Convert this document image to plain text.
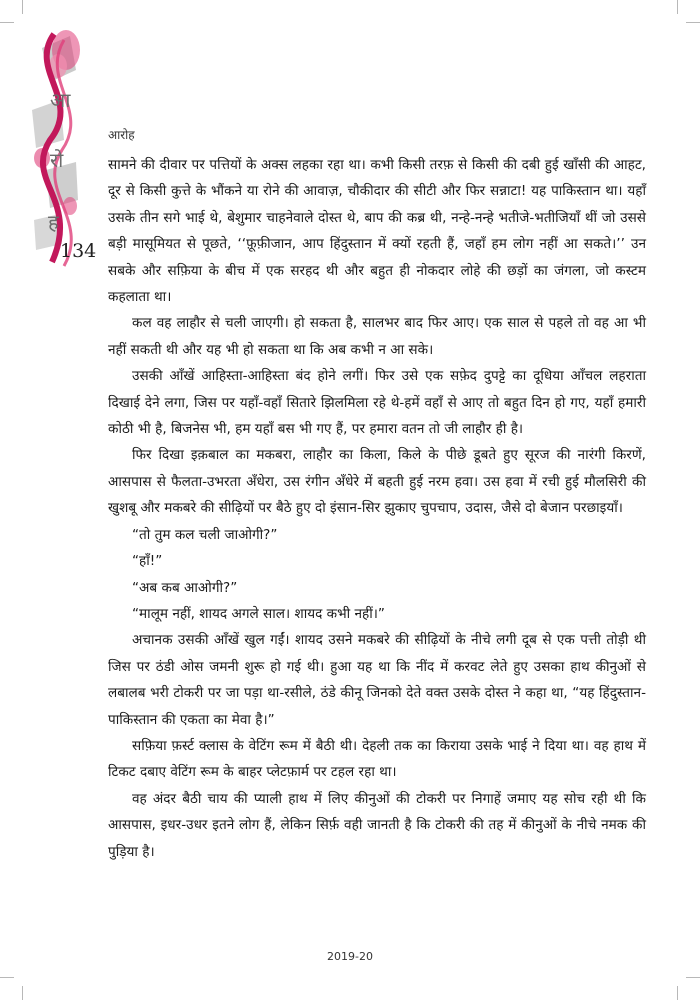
आ
रो
ह
134
आरोह

सामने की दीवार पर पत्तियों के अक्स लहका रहा था। कभी किसी तरफ़ से किसी की दबी हुई खाँसी की आहट, दूर से किसी कुत्ते के भौंकने या रोने की आवाज़, चौकीदार की सीटी और फिर सन्नाटा! यह पाकिस्तान था। यहाँ उसके तीन सगे भाई थे, बेशुमार चाहनेवाले दोस्त थे, बाप की कब्र थी, नन्हे-नन्हे भतीजे-भतीजियाँ थीं जो उससे बड़ी मासूमियत से पूछते, ‘‘फ़ूफ़ीजान, आप हिंदुस्तान में क्यों रहती हैं, जहाँ हम लोग नहीं आ सकते।’’ उन सबके और सफ़िया के बीच में एक सरहद थी और बहुत ही नोकदार लोहे की छड़ों का जंगला, जो कस्टम कहलाता था।

कल वह लाहौर से चली जाएगी। हो सकता है, सालभर बाद फिर आए। एक साल से पहले तो वह आ भी नहीं सकती थी और यह भी हो सकता था कि अब कभी न आ सके।

उसकी आँखें आहिस्ता-आहिस्ता बंद होने लगीं। फिर उसे एक सफ़ेद दुपट्टे का दूधिया आँचल लहराता दिखाई देने लगा, जिस पर यहाँ-वहाँ सितारे झिलमिला रहे थे-हमें वहाँ से आए तो बहुत दिन हो गए, यहाँ हमारी कोठी भी है, बिजनेस भी, हम यहाँ बस भी गए हैं, पर हमारा वतन तो जी लाहौर ही है।

फिर दिखा इक़बाल का मकबरा, लाहौर का किला, किले के पीछे डूबते हुए सूरज की नारंगी किरणें, आसपास से फैलता-उभरता अँधेरा, उस रंगीन अँधेरे में बहती हुई नरम हवा। उस हवा में रची हुई मौलसिरी की खुशबू और मकबरे की सीढ़ियों पर बैठे हुए दो इंसान-सिर झुकाए चुपचाप, उदास, जैसे दो बेजान परछाइयाँ।

“तो तुम कल चली जाओगी?”

“हाँ!”

“अब कब आओगी?”

“मालूम नहीं, शायद अगले साल। शायद कभी नहीं।”

अचानक उसकी आँखें खुल गईं। शायद उसने मकबरे की सीढ़ियों के नीचे लगी दूब से एक पत्ती तोड़ी थी जिस पर ठंडी ओस जमनी शुरू हो गई थी। हुआ यह था कि नींद में करवट लेते हुए उसका हाथ कीनुओं से लबालब भरी टोकरी पर जा पड़ा था-रसीले, ठंडे कीनू जिनको देते वक्त उसके दोस्त ने कहा था, “यह हिंदुस्तान-पाकिस्तान की एकता का मेवा है।”

सफ़िया फ़र्स्ट क्लास के वेटिंग रूम में बैठी थी। देहली तक का किराया उसके भाई ने दिया था। वह हाथ में टिकट दबाए वेटिंग रूम के बाहर प्लेटफ़ार्म पर टहल रहा था।

वह अंदर बैठी चाय की प्याली हाथ में लिए कीनुओं की टोकरी पर निगाहें जमाए यह सोच रही थी कि आसपास, इधर-उधर इतने लोग हैं, लेकिन सिर्फ़ वही जानती है कि टोकरी की तह में कीनुओं के नीचे नमक की पुड़िया है।

2019-20
